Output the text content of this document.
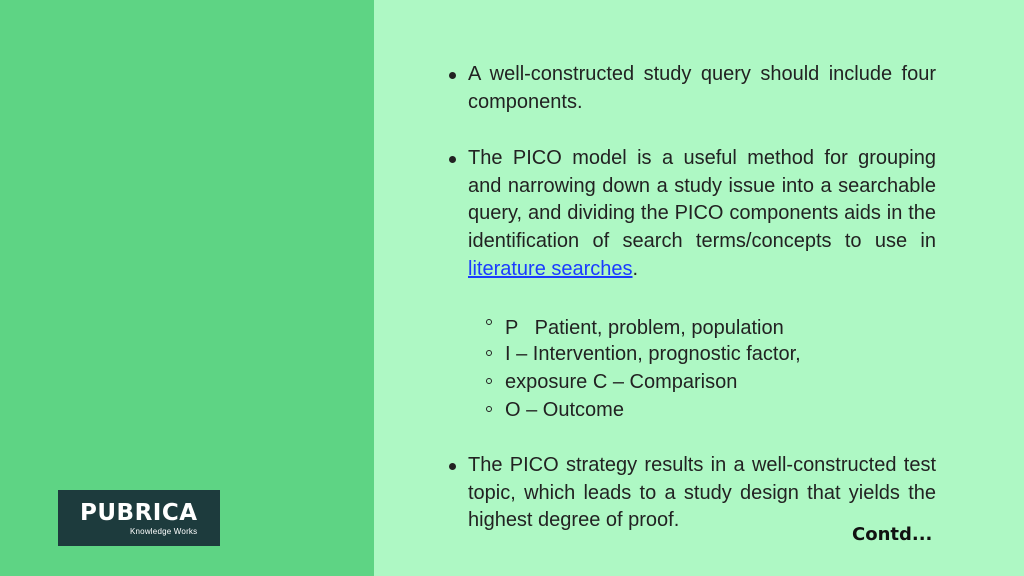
PUBRICA
Knowledge Works

A well-constructed study query should include four components.

The PICO model is a useful method for grouping and narrowing down a study issue into a searchable query, and dividing the PICO components aids in the identification of search terms/concepts to use in literature searches.

P   Patient, problem, population
I – Intervention, prognostic factor,
exposure C – Comparison
O – Outcome

The PICO strategy results in a well-constructed test topic, which leads to a study design that yields the highest degree of proof.

Contd...
